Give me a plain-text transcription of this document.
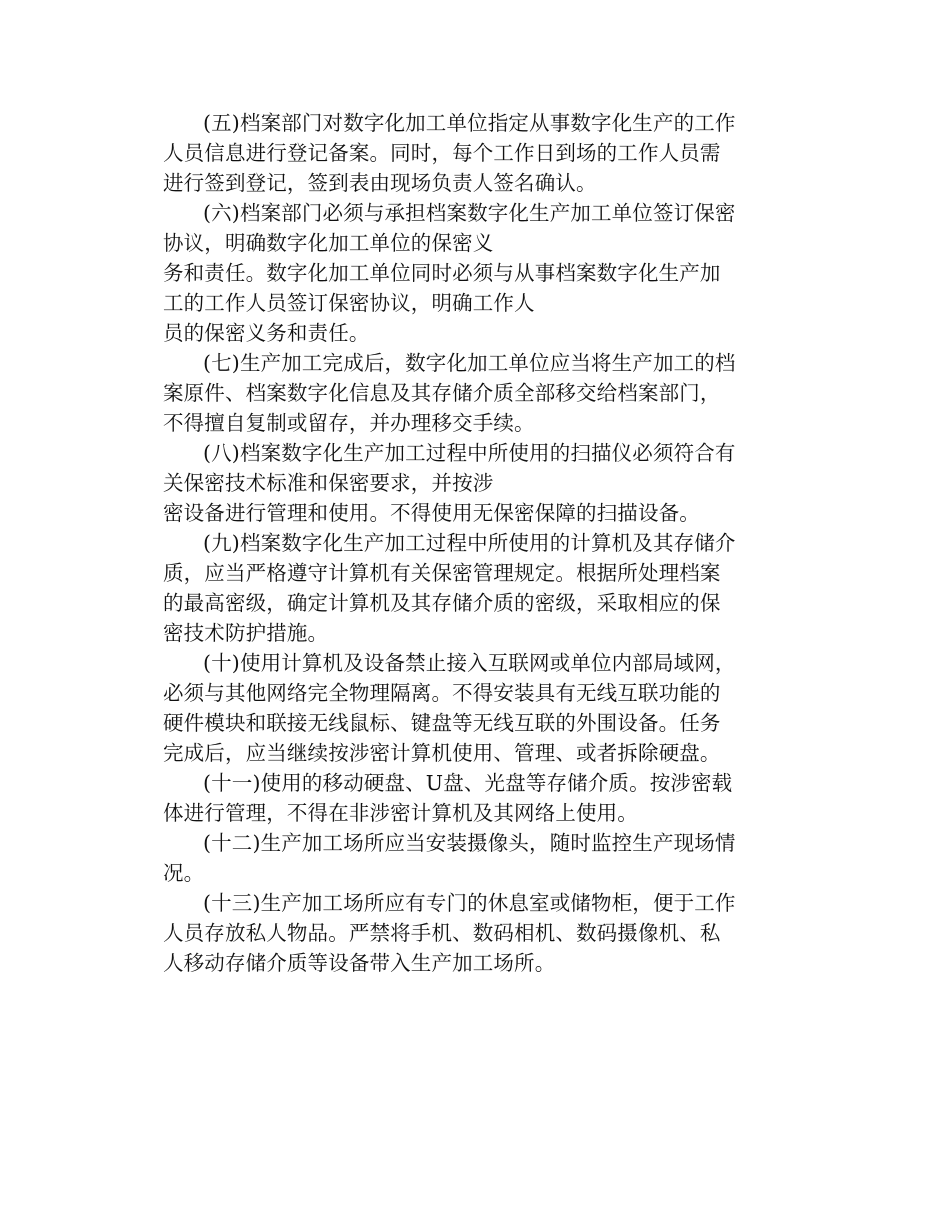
(五)档案部门对数字化加工单位指定从事数字化生产的工作
人员信息进行登记备案。同时，每个工作日到场的工作人员需
进行签到登记，签到表由现场负责人签名确认。
(六)档案部门必须与承担档案数字化生产加工单位签订保密
协议，明确数字化加工单位的保密义
务和责任。数字化加工单位同时必须与从事档案数字化生产加
工的工作人员签订保密协议，明确工作人
员的保密义务和责任。
(七)生产加工完成后，数字化加工单位应当将生产加工的档
案原件、档案数字化信息及其存储介质全部移交给档案部门，
不得擅自复制或留存，并办理移交手续。
(八)档案数字化生产加工过程中所使用的扫描仪必须符合有
关保密技术标准和保密要求，并按涉
密设备进行管理和使用。不得使用无保密保障的扫描设备。
(九)档案数字化生产加工过程中所使用的计算机及其存储介
质，应当严格遵守计算机有关保密管理规定。根据所处理档案
的最高密级，确定计算机及其存储介质的密级，采取相应的保
密技术防护措施。
(十)使用计算机及设备禁止接入互联网或单位内部局域网，
必须与其他网络完全物理隔离。不得安装具有无线互联功能的
硬件模块和联接无线鼠标、键盘等无线互联的外围设备。任务
完成后，应当继续按涉密计算机使用、管理、或者拆除硬盘。
(十一)使用的移动硬盘、U盘、光盘等存储介质。按涉密载
体进行管理，不得在非涉密计算机及其网络上使用。
(十二)生产加工场所应当安装摄像头，随时监控生产现场情
况。
(十三)生产加工场所应有专门的休息室或储物柜，便于工作
人员存放私人物品。严禁将手机、数码相机、数码摄像机、私
人移动存储介质等设备带入生产加工场所。
